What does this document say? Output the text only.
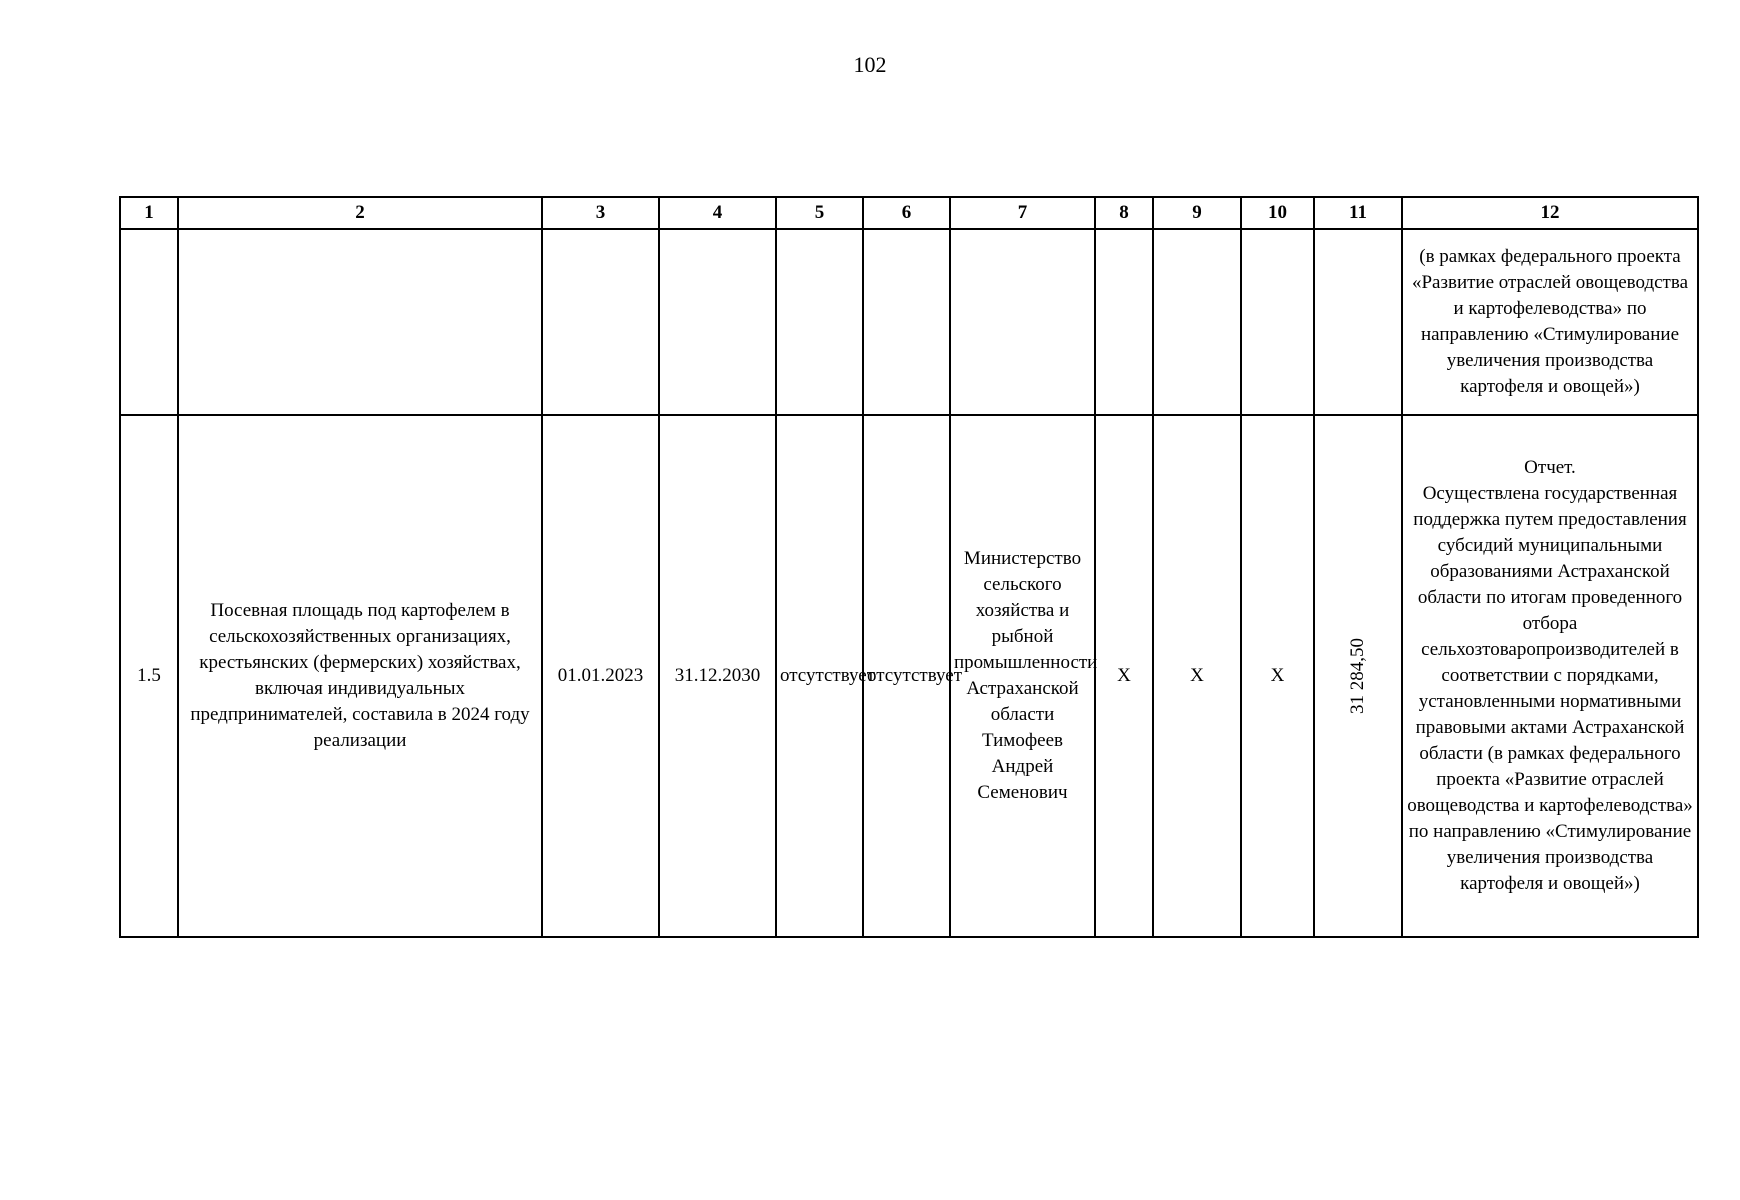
102
1	2	3	4	5	6	7	8	9	10	11	12
											(в рамках федерального проекта «Развитие отраслей овощеводства и картофелеводства» по направлению «Стимулирование увеличения производства картофеля и овощей»)
1.5	Посевная площадь под картофелем в сельскохозяйственных организациях, крестьянских (фермерских) хозяйствах, включая индивидуальных предпринимателей, составила в 2024 году реализации	01.01.2023	31.12.2030	отсутствует	отсутствует	Министерство сельского хозяйства и рыбной промышленности Астраханской области Тимофеев Андрей Семенович	X	X	X	31 284,50	Отчет.
Осуществлена государственная поддержка путем предоставления субсидий муниципальными образованиями Астраханской области по итогам проведенного отбора сельхозтоваропроизводителей в соответствии с порядками, установленными нормативными правовыми актами Астраханской области (в рамках федерального проекта «Развитие отраслей овощеводства и картофелеводства» по направлению «Стимулирование увеличения производства картофеля и овощей»)
